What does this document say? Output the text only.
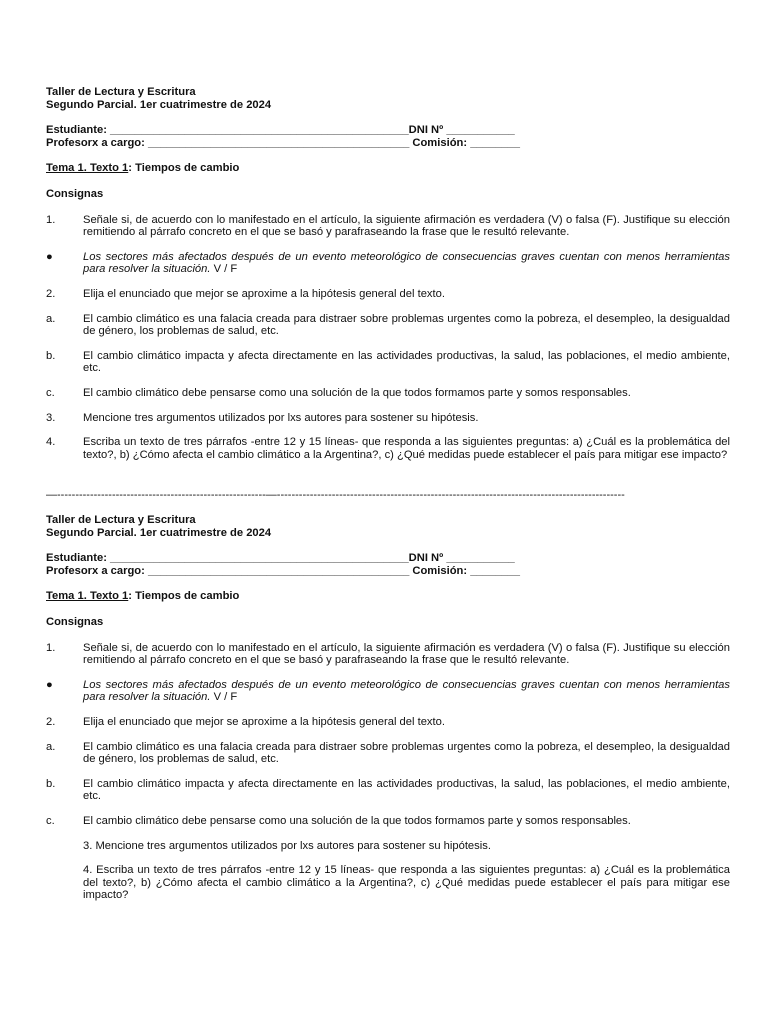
Taller de Lectura y Escritura
Segundo Parcial. 1er cuatrimestre de 2024
Estudiante: ________________________________________________DNI Nº ___________
Profesorx a cargo: __________________________________________ Comisión: ________
Tema 1. Texto 1: Tiempos de cambio
Consignas
1.	Señale si, de acuerdo con lo manifestado en el artículo, la siguiente afirmación es verdadera (V) o falsa (F). Justifique su elección remitiendo al párrafo concreto en el que se basó y parafraseando la frase que le resultó relevante.
●	Los sectores más afectados después de un evento meteorológico de consecuencias graves cuentan con menos herramientas para resolver la situación. V / F
2.	Elija el enunciado que mejor se aproxime a la hipótesis general del texto.
a.	El cambio climático es una falacia creada para distraer sobre problemas urgentes como la pobreza, el desempleo, la desigualdad de género, los problemas de salud, etc.
b.	El cambio climático impacta y afecta directamente en las actividades productivas, la salud, las poblaciones, el medio ambiente, etc.
c.	El cambio climático debe pensarse como una solución de la que todos formamos parte y somos responsables.
3.	Mencione tres argumentos utilizados por lxs autores para sostener su hipótesis.
4.	Escriba un texto de tres párrafos -entre 12 y 15 líneas- que responda a las siguientes preguntas: a) ¿Cuál es la problemática del texto?, b) ¿Cómo afecta el cambio climático a la Argentina?, c) ¿Qué medidas puede establecer el país para mitigar ese impacto?
—---------------------------------------------------------—-----------------------------------------------------------------------------------------------
Taller de Lectura y Escritura
Segundo Parcial. 1er cuatrimestre de 2024
Estudiante: ________________________________________________DNI Nº ___________
Profesorx a cargo: __________________________________________ Comisión: ________
Tema 1. Texto 1: Tiempos de cambio
Consignas
1.	Señale si, de acuerdo con lo manifestado en el artículo, la siguiente afirmación es verdadera (V) o falsa (F). Justifique su elección remitiendo al párrafo concreto en el que se basó y parafraseando la frase que le resultó relevante.
●	Los sectores más afectados después de un evento meteorológico de consecuencias graves cuentan con menos herramientas para resolver la situación. V / F
2.	Elija el enunciado que mejor se aproxime a la hipótesis general del texto.
a.	El cambio climático es una falacia creada para distraer sobre problemas urgentes como la pobreza, el desempleo, la desigualdad de género, los problemas de salud, etc.
b.	El cambio climático impacta y afecta directamente en las actividades productivas, la salud, las poblaciones, el medio ambiente, etc.
c.	El cambio climático debe pensarse como una solución de la que todos formamos parte y somos responsables.
3. Mencione tres argumentos utilizados por lxs autores para sostener su hipótesis.
4. Escriba un texto de tres párrafos -entre 12 y 15 líneas- que responda a las siguientes preguntas: a) ¿Cuál es la problemática del texto?, b) ¿Cómo afecta el cambio climático a la Argentina?, c) ¿Qué medidas puede establecer el país para mitigar ese impacto?
